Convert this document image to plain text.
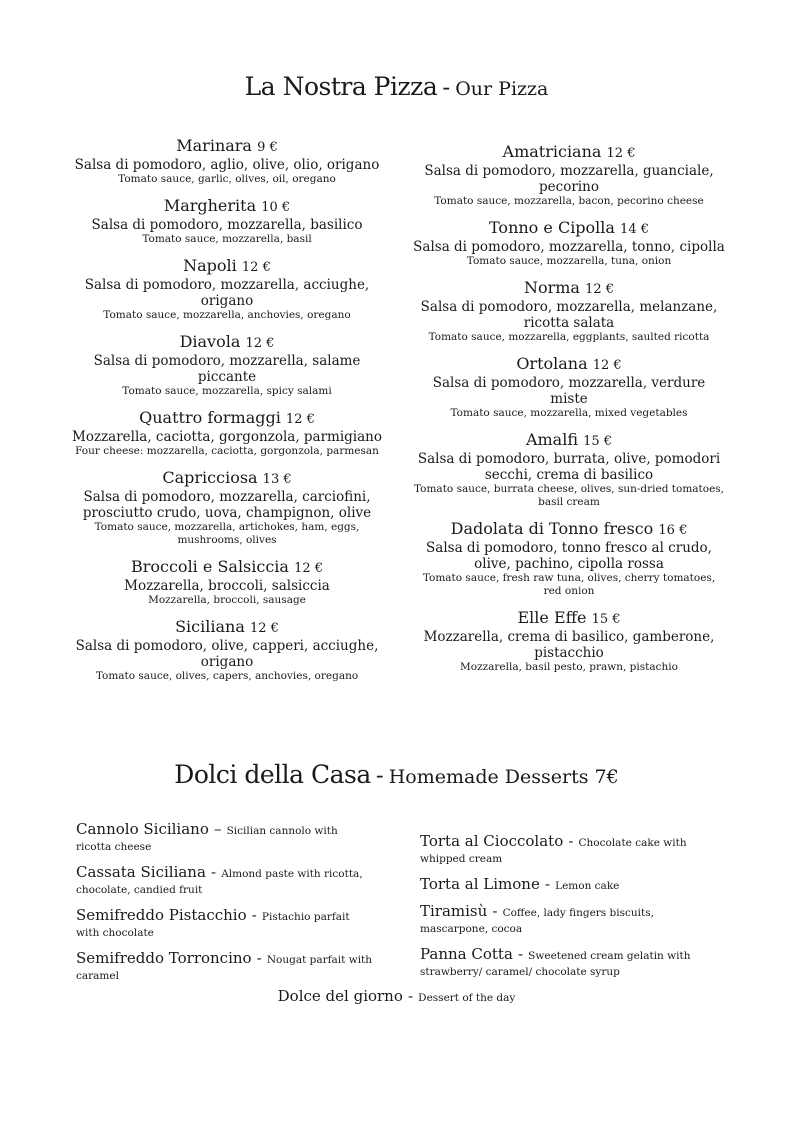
La Nostra Pizza - Our Pizza
Marinara 9 €
Salsa di pomodoro, aglio, olive, olio, origano
Tomato sauce, garlic, olives, oil, oregano
Margherita 10 €
Salsa di pomodoro, mozzarella, basilico
Tomato sauce, mozzarella, basil
Napoli 12 €
Salsa di pomodoro, mozzarella, acciughe, origano
Tomato sauce, mozzarella, anchovies, oregano
Diavola 12 €
Salsa di pomodoro, mozzarella, salame piccante
Tomato sauce, mozzarella, spicy salami
Quattro formaggi 12 €
Mozzarella, caciotta, gorgonzola, parmigiano
Four cheese: mozzarella, caciotta, gorgonzola, parmesan
Capricciosa 13 €
Salsa di pomodoro, mozzarella, carciofini, prosciutto crudo, uova, champignon, olive
Tomato sauce, mozzarella, artichokes, ham, eggs, mushrooms, olives
Broccoli e Salsiccia 12 €
Mozzarella, broccoli, salsiccia
Mozzarella, broccoli, sausage
Siciliana 12 €
Salsa di pomodoro, olive, capperi, acciughe, origano
Tomato sauce, olives, capers, anchovies, oregano
Amatriciana 12 €
Salsa di pomodoro, mozzarella, guanciale, pecorino
Tomato sauce, mozzarella, bacon, pecorino cheese
Tonno e Cipolla 14 €
Salsa di pomodoro, mozzarella, tonno, cipolla
Tomato sauce, mozzarella, tuna, onion
Norma 12 €
Salsa di pomodoro, mozzarella, melanzane, ricotta salata
Tomato sauce, mozzarella, eggplants, saulted ricotta
Ortolana 12 €
Salsa di pomodoro, mozzarella, verdure miste
Tomato sauce, mozzarella, mixed vegetables
Amalfi 15 €
Salsa di pomodoro, burrata, olive, pomodori secchi, crema di basilico
Tomato sauce, burrata cheese, olives, sun-dried tomatoes, basil cream
Dadolata di Tonno fresco 16 €
Salsa di pomodoro, tonno fresco al crudo, olive, pachino, cipolla rossa
Tomato sauce, fresh raw tuna, olives, cherry tomatoes, red onion
Elle Effe 15 €
Mozzarella, crema di basilico, gamberone, pistacchio
Mozzarella, basil pesto, prawn, pistachio
Dolci della Casa - Homemade Desserts 7€
Cannolo Siciliano – Sicilian cannolo with ricotta cheese
Cassata Siciliana - Almond paste with ricotta, chocolate, candied fruit
Semifreddo Pistacchio - Pistachio parfait with chocolate
Semifreddo Torroncino - Nougat parfait with caramel
Torta al Cioccolato - Chocolate cake with whipped cream
Torta al Limone - Lemon cake
Tiramisù - Coffee, lady fingers biscuits, mascarpone, cocoa
Panna Cotta - Sweetened cream gelatin with strawberry/ caramel/ chocolate syrup
Dolce del giorno - Dessert of the day
